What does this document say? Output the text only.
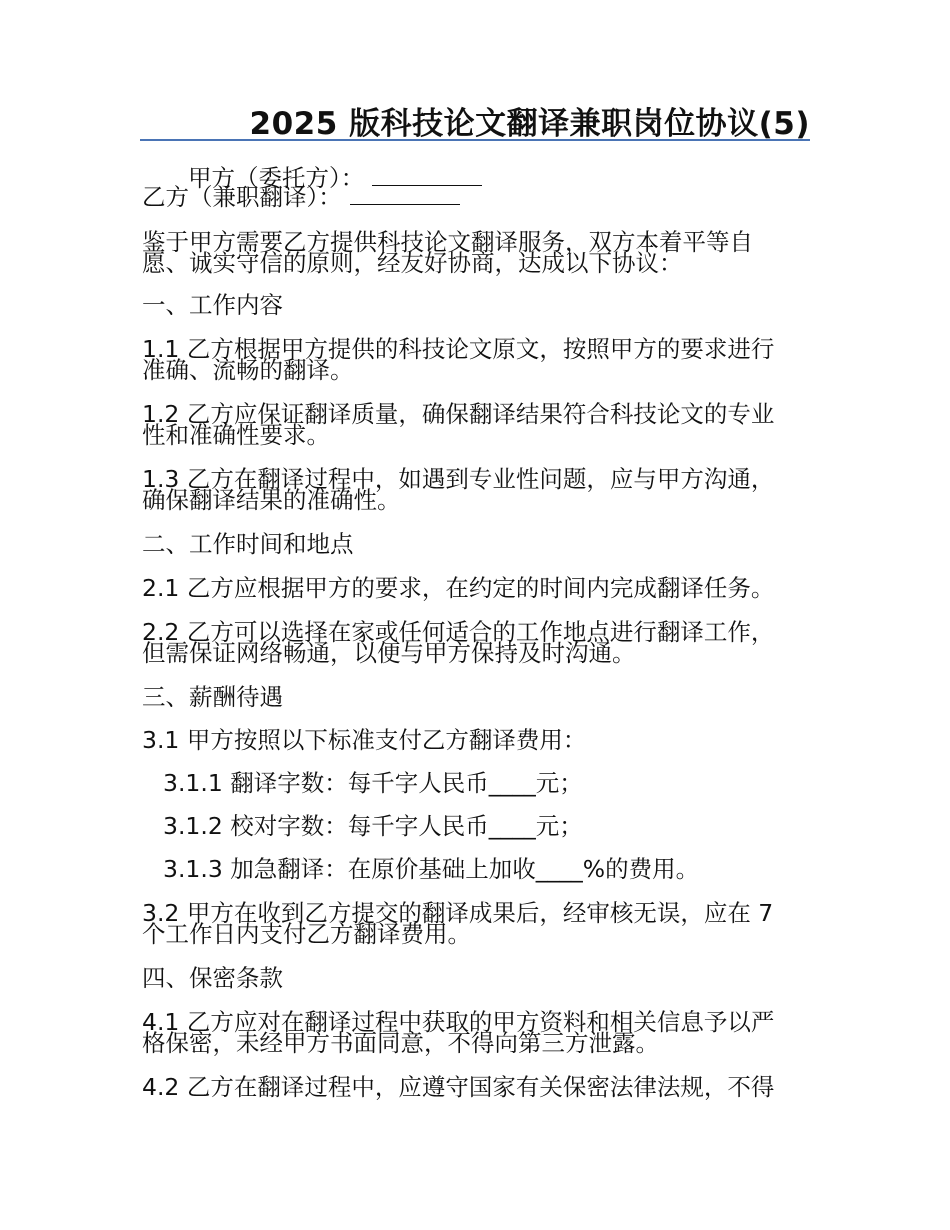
2025 版科技论文翻译兼职岗位协议(5)
甲方（委托方）：
乙方（兼职翻译）：
鉴于甲方需要乙方提供科技论文翻译服务，双方本着平等自
愿、诚实守信的原则，经友好协商，达成以下协议：
一、工作内容
1.1 乙方根据甲方提供的科技论文原文，按照甲方的要求进行
准确、流畅的翻译。
1.2 乙方应保证翻译质量，确保翻译结果符合科技论文的专业
性和准确性要求。
1.3 乙方在翻译过程中，如遇到专业性问题，应与甲方沟通，
确保翻译结果的准确性。
二、工作时间和地点
2.1 乙方应根据甲方的要求，在约定的时间内完成翻译任务。
2.2 乙方可以选择在家或任何适合的工作地点进行翻译工作，
但需保证网络畅通，以便与甲方保持及时沟通。
三、薪酬待遇
3.1 甲方按照以下标准支付乙方翻译费用：
3.1.1 翻译字数：每千字人民币____元；
3.1.2 校对字数：每千字人民币____元；
3.1.3 加急翻译：在原价基础上加收____%的费用。
3.2 甲方在收到乙方提交的翻译成果后，经审核无误，应在 7
个工作日内支付乙方翻译费用。
四、保密条款
4.1 乙方应对在翻译过程中获取的甲方资料和相关信息予以严
格保密，未经甲方书面同意，不得向第三方泄露。
4.2 乙方在翻译过程中，应遵守国家有关保密法律法规，不得
